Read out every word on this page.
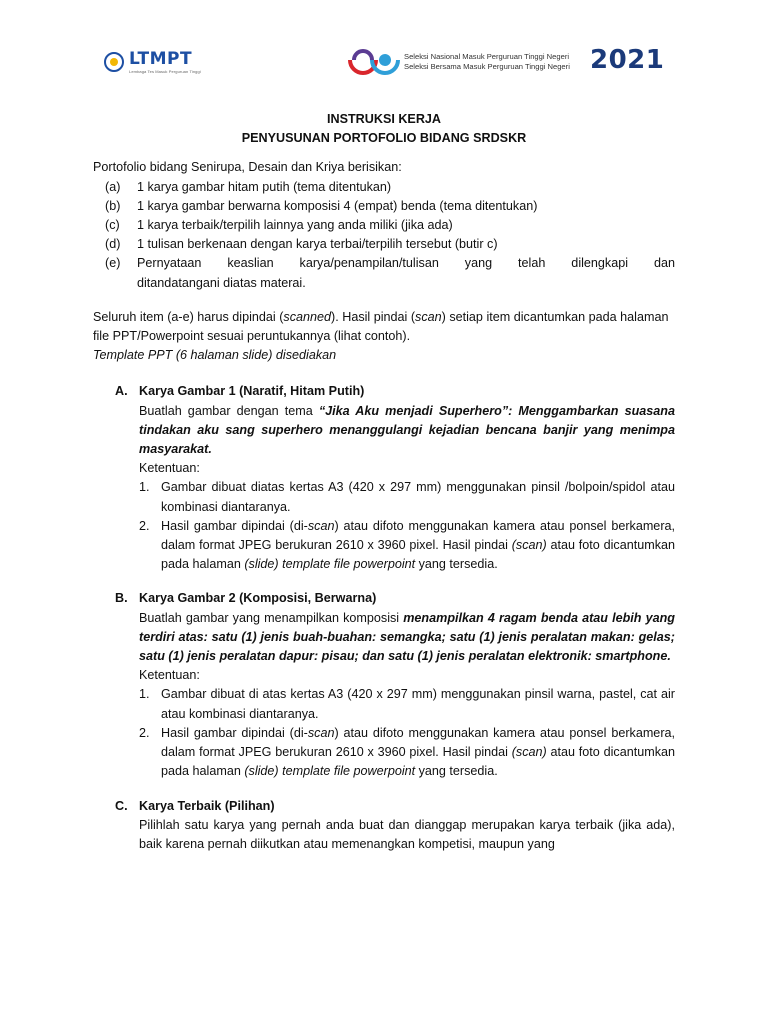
LTMPT
Lembaga Tes Masuk Perguruan Tinggi
Seleksi Nasional Masuk Perguruan Tinggi Negeri
Seleksi Bersama Masuk Perguruan Tinggi Negeri 2021

INSTRUKSI KERJA

PENYUSUNAN PORTOFOLIO BIDANG SRDSKR

Portofolio bidang Senirupa, Desain dan Kriya berisikan:

(a)	1 karya gambar hitam putih (tema ditentukan)
(b)	1 karya gambar berwarna komposisi 4 (empat) benda (tema ditentukan)
(c)	1 karya terbaik/terpilih lainnya yang anda miliki (jika ada)
(d)	1 tulisan berkenaan dengan karya terbai/terpilih tersebut (butir c)
(e)	Pernyataan keaslian karya/penampilan/tulisan yang telah dilengkapi dan
ditandatangani diatas materai.

Seluruh item (a-e) harus dipindai (scanned). Hasil pindai (scan) setiap item dicantumkan pada halaman file PPT/Powerpoint sesuai peruntukannya (lihat contoh).

Template PPT (6 halaman slide) disediakan

A. Karya Gambar 1 (Naratif, Hitam Putih)

Buatlah gambar dengan tema “Jika Aku menjadi Superhero”: Menggambarkan suasana tindakan aku sang superhero menanggulangi kejadian bencana banjir yang menimpa masyarakat.

Ketentuan:

1. Gambar dibuat diatas kertas A3 (420 x 297 mm) menggunakan pinsil /bolpoin/spidol atau kombinasi diantaranya.
2. Hasil gambar dipindai (di-scan) atau difoto menggunakan kamera atau ponsel berkamera, dalam format JPEG berukuran 2610 x 3960 pixel. Hasil pindai (scan) atau foto dicantumkan pada halaman (slide) template file powerpoint yang tersedia.
B. Karya Gambar 2 (Komposisi, Berwarna)

Buatlah gambar yang menampilkan komposisi menampilkan 4 ragam benda atau lebih yang terdiri atas: satu (1) jenis buah-buahan: semangka; satu (1) jenis peralatan makan: gelas; satu (1) jenis peralatan dapur: pisau; dan satu (1) jenis peralatan elektronik: smartphone.

Ketentuan:

1. Gambar dibuat di atas kertas A3 (420 x 297 mm) menggunakan pinsil warna, pastel, cat air atau kombinasi diantaranya.
2. Hasil gambar dipindai (di-scan) atau difoto menggunakan kamera atau ponsel berkamera, dalam format JPEG berukuran 2610 x 3960 pixel. Hasil pindai (scan) atau foto dicantumkan pada halaman (slide) template file powerpoint yang tersedia.
C. Karya Terbaik (Pilihan)

Pilihlah satu karya yang pernah anda buat dan dianggap merupakan karya terbaik (jika ada), baik karena pernah diikutkan atau memenangkan kompetisi, maupun yang
